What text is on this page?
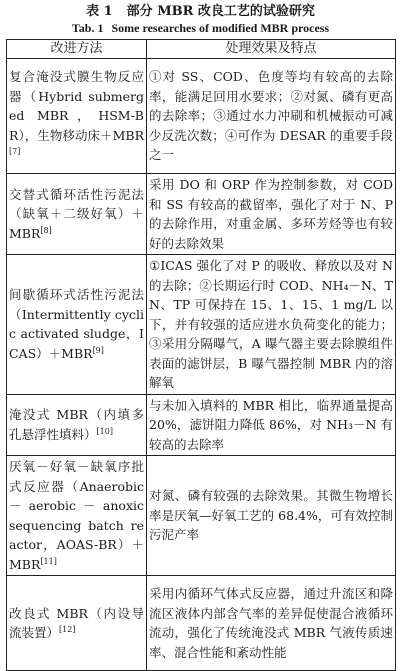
表 1 部分 MBR 改良工艺的试验研究
Tab. 1 Some researches of modified MBR process
改进方法	处理效果及特点
复合淹没式膜生物反应器（Hybrid submerged MBR，HSM-BR），生物移动床＋MBR[7]	①对 SS、COD、色度等均有较高的去除率，能满足回用水要求；②对氮、磷有更高的去除率；③通过水力冲刷和机械振动可减少反洗次数；④可作为 DESAR 的重要手段之一
交替式循环活性污泥法（缺氧＋二级好氧）＋MBR[8]	采用 DO 和 ORP 作为控制参数，对 COD 和 SS 有较高的截留率，强化了对于 N、P 的去除作用，对重金属、多环芳烃等也有较好的去除效果
间歇循环式活性污泥法（Intermittently cyclic activated sludge，ICAS）＋MBR[9]	①ICAS 强化了对 P 的吸收、释放以及对 N 的去除；②长期运行时 COD、NH₄－N、TN、TP 可保持在 15、1、15、1 mg/L 以下，并有较强的适应进水负荷变化的能力；③采用分隔曝气，A 曝气器主要去除膜组件表面的滤饼层，B 曝气器控制 MBR 内的溶解氧
淹没式 MBR（内填多孔悬浮性填料）[10]	与未加入填料的 MBR 相比，临界通量提高 20%，滤饼阻力降低 86%，对 NH₃－N 有较高的去除率
厌氧－好氧－缺氧序批式反应器（Anaerobic － aerobic － anoxic sequencing batch reactor，AOAS-BR）＋MBR[11]	对氮、磷有较强的去除效果。其微生物增长率是厌氧—好氧工艺的 68.4%，可有效控制污泥产率
改良式 MBR（内设导流装置）[12]	采用内循环气体式反应器，通过升流区和降流区液体内部含气率的差异促使混合液循环流动，强化了传统淹没式 MBR 气液传质速率、混合性能和紊动性能
